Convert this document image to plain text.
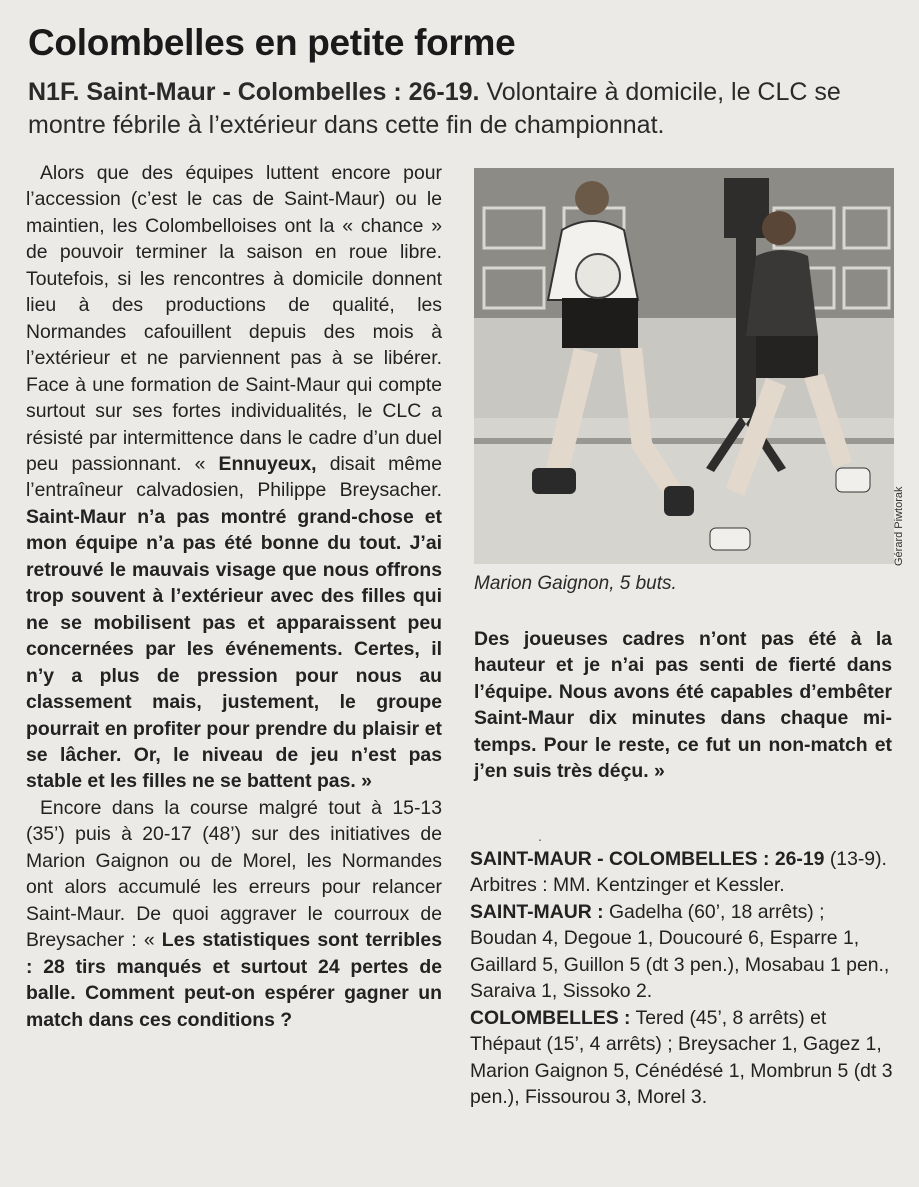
Colombelles en petite forme
N1F. Saint-Maur - Colombelles : 26-19. Volontaire à domicile, le CLC se montre fébrile à l’extérieur dans cette fin de championnat.

Alors que des équipes luttent encore pour l’accession (c’est le cas de Saint-Maur) ou le maintien, les Colombelloises ont la « chance » de pouvoir terminer la saison en roue libre. Toutefois, si les rencontres à domicile donnent lieu à des productions de qualité, les Normandes cafouillent depuis des mois à l’extérieur et ne parviennent pas à se libérer. Face à une formation de Saint-Maur qui compte surtout sur ses fortes individualités, le CLC a résisté par intermittence dans le cadre d’un duel peu passionnant. « Ennuyeux, disait même l’entraîneur calvadosien, Philippe Breysacher. Saint-Maur n’a pas montré grand-chose et mon équipe n’a pas été bonne du tout. J’ai retrouvé le mauvais visage que nous offrons trop souvent à l’extérieur avec des filles qui ne se mobilisent pas et apparaissent peu concernées par les événements. Certes, il n’y a plus de pression pour nous au classement mais, justement, le groupe pourrait en profiter pour prendre du plaisir et se lâcher. Or, le niveau de jeu n’est pas stable et les filles ne se battent pas. »

Encore dans la course malgré tout à 15-13 (35’) puis à 20-17 (48’) sur des initiatives de Marion Gaignon ou de Morel, les Normandes ont alors accumulé les erreurs pour relancer Saint-Maur. De quoi aggraver le courroux de Breysacher : « Les statistiques sont terribles : 28 tirs manqués et surtout 24 pertes de balle. Comment peut-on espérer gagner un match dans ces conditions ?

Gérard Piwtorak
Marion Gaignon, 5 buts.

Des joueuses cadres n’ont pas été à la hauteur et je n’ai pas senti de fierté dans l’équipe. Nous avons été capables d’embêter Saint-Maur dix minutes dans chaque mi-temps. Pour le reste, ce fut un non-match et j’en suis très déçu. »

.

SAINT-MAUR - COLOMBELLES : 26-19 (13-9).

Arbitres : MM. Kentzinger et Kessler.

SAINT-MAUR : Gadelha (60’, 18 arrêts) ; Boudan 4, Degoue 1, Doucouré 6, Esparre 1, Gaillard 5, Guillon 5 (dt 3 pen.), Mosabau 1 pen., Saraiva 1, Sissoko 2.

COLOMBELLES : Tered (45’, 8 arrêts) et Thépaut (15’, 4 arrêts) ; Breysacher 1, Gagez 1, Marion Gaignon 5, Cénédésé 1, Mombrun 5 (dt 3 pen.), Fissourou 3, Morel 3.
